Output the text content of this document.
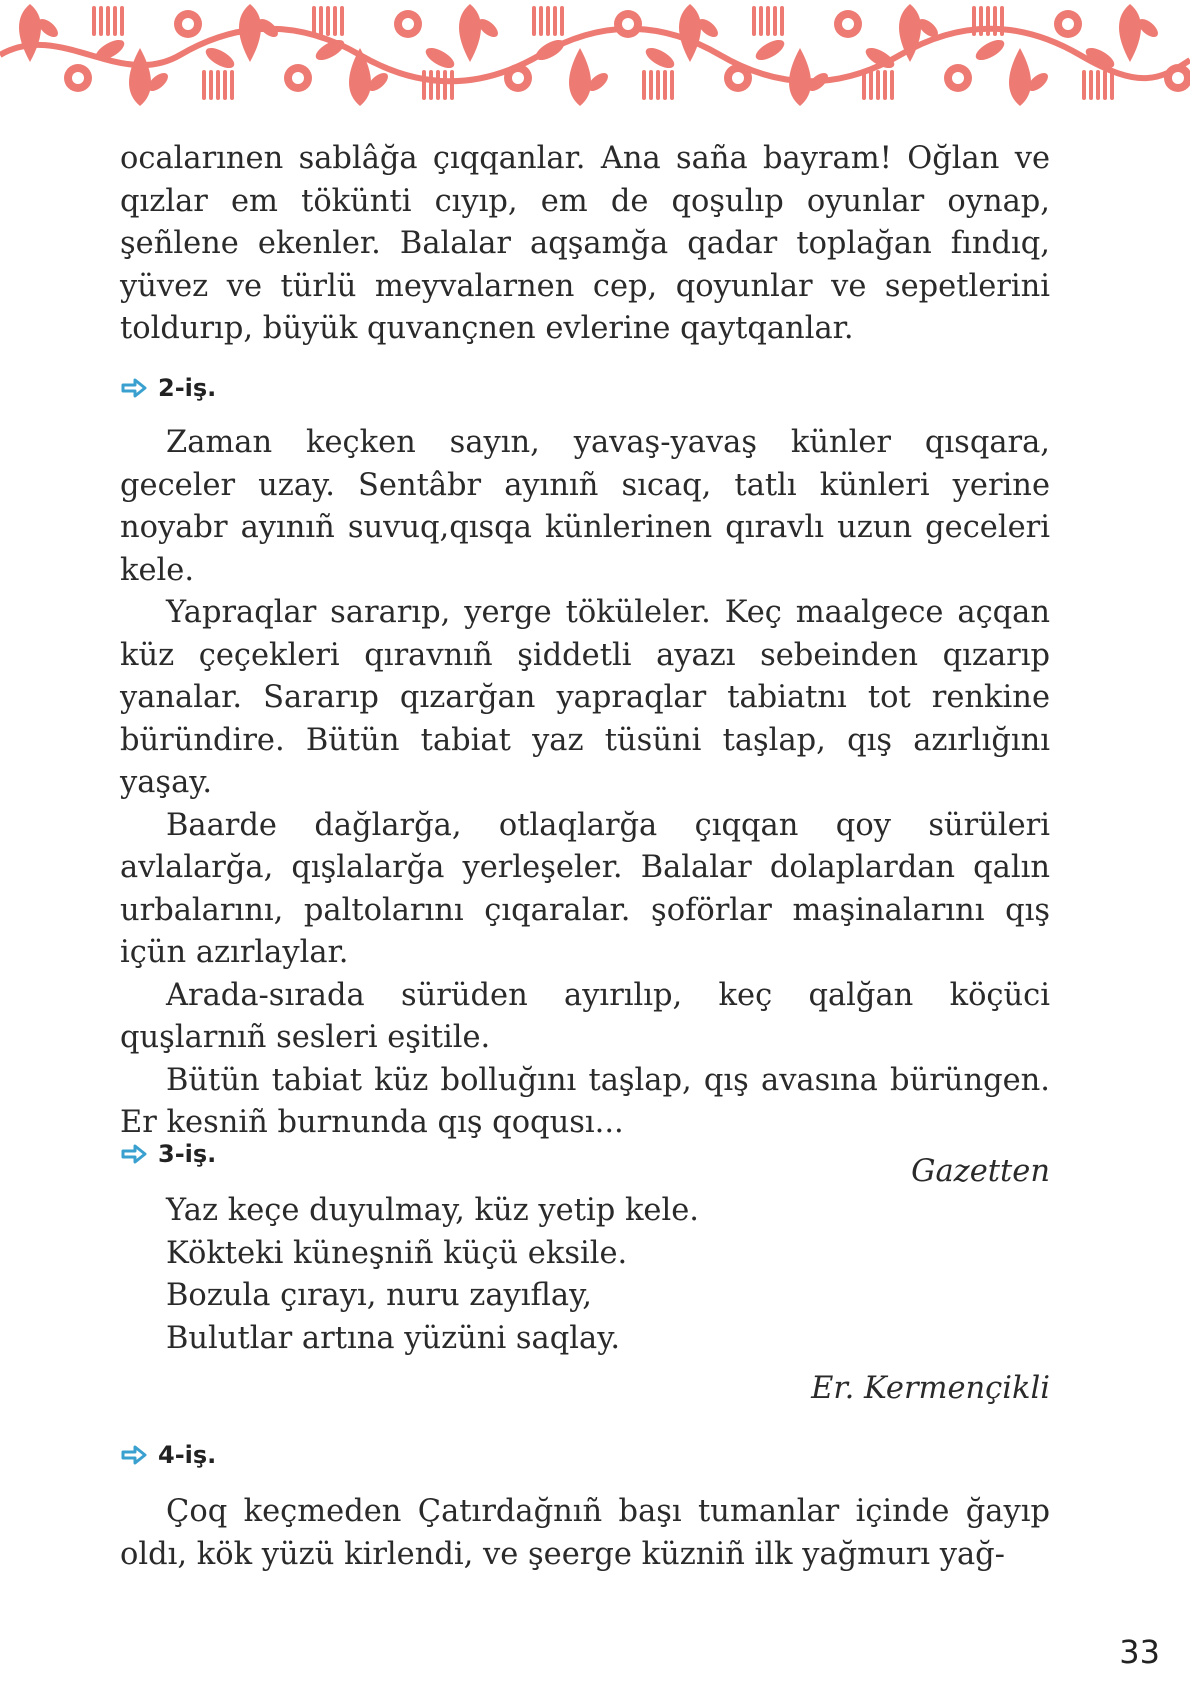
ocalarınen sablâğa çıqqanlar. Ana saña bayram! Oğlan ve qızlar em tökünti cıyıp, em de qoşulıp oyunlar oynap, şeñlene ekenler. Balalar aqşamğa qadar toplağan fındıq, yüvez ve türlü meyvalarnen cep, qoyunlar ve sepetlerini toldurıp, büyük quvançnen evlerine qaytqanlar.

2-iş.

Zaman keçken sayın, yavaş-yavaş künler qısqara, geceler uzay. Sentâbr ayınıñ sıcaq, tatlı künleri yerine noyabr ayınıñ suvuq,qısqa künlerinen qıravlı uzun geceleri kele.

Yapraqlar sararıp, yerge töküleler. Keç maalgece açqan küz çeçekleri qıravnıñ şiddetli ayazı sebeinden qızarıp yanalar. Sararıp qızarğan yapraqlar tabiatnı tot renkine büründire. Bütün tabiat yaz tüsüni taşlap, qış azırlığını yaşay.

Baarde dağlarğa, otlaqlarğa çıqqan qoy sürüleri avlalarğa, qışlalarğa yerleşeler. Balalar dolaplardan qalın urbalarını, paltolarını çıqaralar. şoförlar maşinalarını qış içün azırlaylar.

Arada-sırada sürüden ayırılıp, keç qalğan köçüci quşlarnıñ sesleri eşitile.

Bütün tabiat küz bolluğını taşlap, qış avasına bürüngen. Er kesniñ burnunda qış qoqusı...

Gazetten

3-iş.

Yaz keçe duyulmay, küz yetip kele.

Kökteki küneşniñ küçü eksile.

Bozula çırayı, nuru zayıflay,

Bulutlar artına yüzüni saqlay.

Er. Kermençikli

4-iş.

Çoq keçmeden Çatırdağnıñ başı tumanlar içinde ğayıp oldı, kök yüzü kirlendi, ve şeerge küzniñ ilk yağmurı yağ-

33
